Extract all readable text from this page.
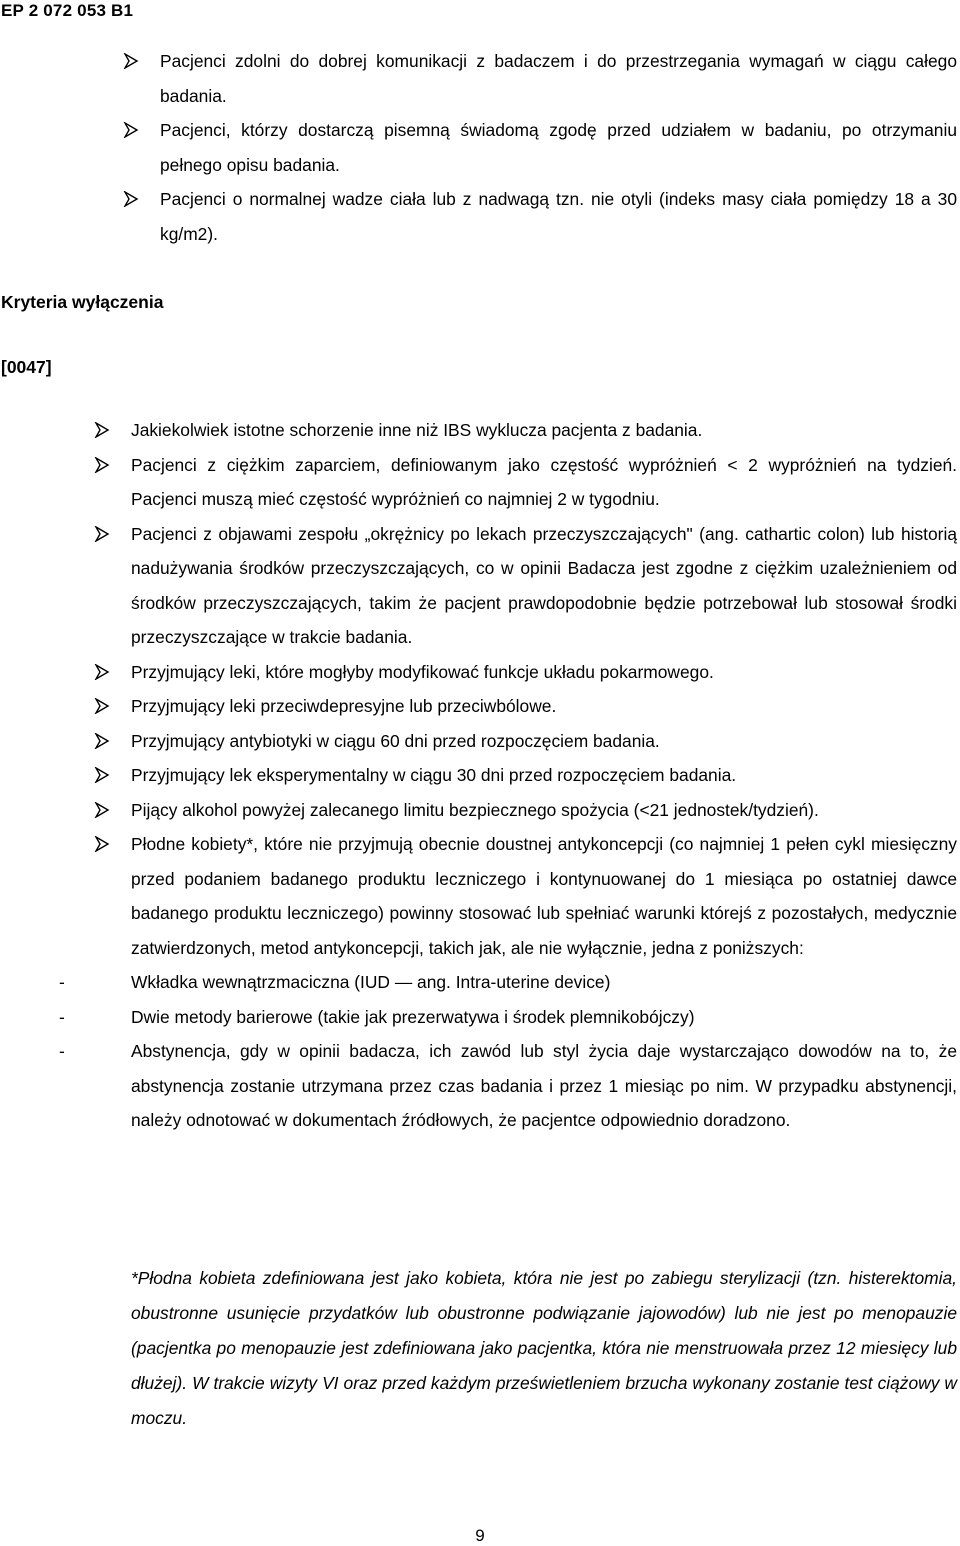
EP 2 072 053 B1
Pacjenci zdolni do dobrej komunikacji z badaczem i do przestrzegania wymagań w ciągu całego badania.
Pacjenci, którzy dostarczą pisemną świadomą zgodę przed udziałem w badaniu, po otrzymaniu pełnego opisu badania.
Pacjenci o normalnej wadze ciała lub z nadwagą tzn. nie otyli (indeks masy ciała pomiędzy 18 a 30 kg/m2).
Kryteria wyłączenia
[0047]
Jakiekolwiek istotne schorzenie inne niż IBS wyklucza pacjenta z badania.
Pacjenci z ciężkim zaparciem, definiowanym jako częstość wypróżnień < 2 wypróżnień na tydzień. Pacjenci muszą mieć częstość wypróżnień co najmniej 2 w tygodniu.
Pacjenci z objawami zespołu „okrężnicy po lekach przeczyszczających" (ang. cathartic colon) lub historią nadużywania środków przeczyszczających, co w opinii Badacza jest zgodne z ciężkim uzależnieniem od środków przeczyszczających, takim że pacjent prawdopodobnie będzie potrzebował lub stosował środki przeczyszczające w trakcie badania.
Przyjmujący leki, które mogłyby modyfikować funkcje układu pokarmowego.
Przyjmujący leki przeciwdepresyjne lub przeciwbólowe.
Przyjmujący antybiotyki w ciągu 60 dni przed rozpoczęciem badania.
Przyjmujący lek eksperymentalny w ciągu 30 dni przed rozpoczęciem badania.
Pijący alkohol powyżej zalecanego limitu bezpiecznego spożycia (<21 jednostek/tydzień).
Płodne kobiety*, które nie przyjmują obecnie doustnej antykoncepcji (co najmniej 1 pełen cykl miesięczny przed podaniem badanego produktu leczniczego i kontynuowanej do 1 miesiąca po ostatniej dawce badanego produktu leczniczego) powinny stosować lub spełniać warunki którejś z pozostałych, medycznie zatwierdzonych, metod antykoncepcji, takich jak, ale nie wyłącznie, jedna z poniższych:
-	Wkładka wewnątrzmaciczna (IUD — ang. Intra-uterine device)
-	Dwie metody barierowe (takie jak prezerwatywa i środek plemnikobójczy)
-	Abstynencja, gdy w opinii badacza, ich zawód lub styl życia daje wystarczająco dowodów na to, że abstynencja zostanie utrzymana przez czas badania i przez 1 miesiąc po nim. W przypadku abstynencji, należy odnotować w dokumentach źródłowych, że pacjentce odpowiednio doradzono.
*Płodna kobieta zdefiniowana jest jako kobieta, która nie jest po zabiegu sterylizacji (tzn. histerektomia, obustronne usunięcie przydatków lub obustronne podwiązanie jajowodów) lub nie jest po menopauzie (pacjentka po menopauzie jest zdefiniowana jako pacjentka, która nie menstruowała przez 12 miesięcy lub dłużej). W trakcie wizyty VI oraz przed każdym prześwietleniem brzucha wykonany zostanie test ciążowy w moczu.
9
